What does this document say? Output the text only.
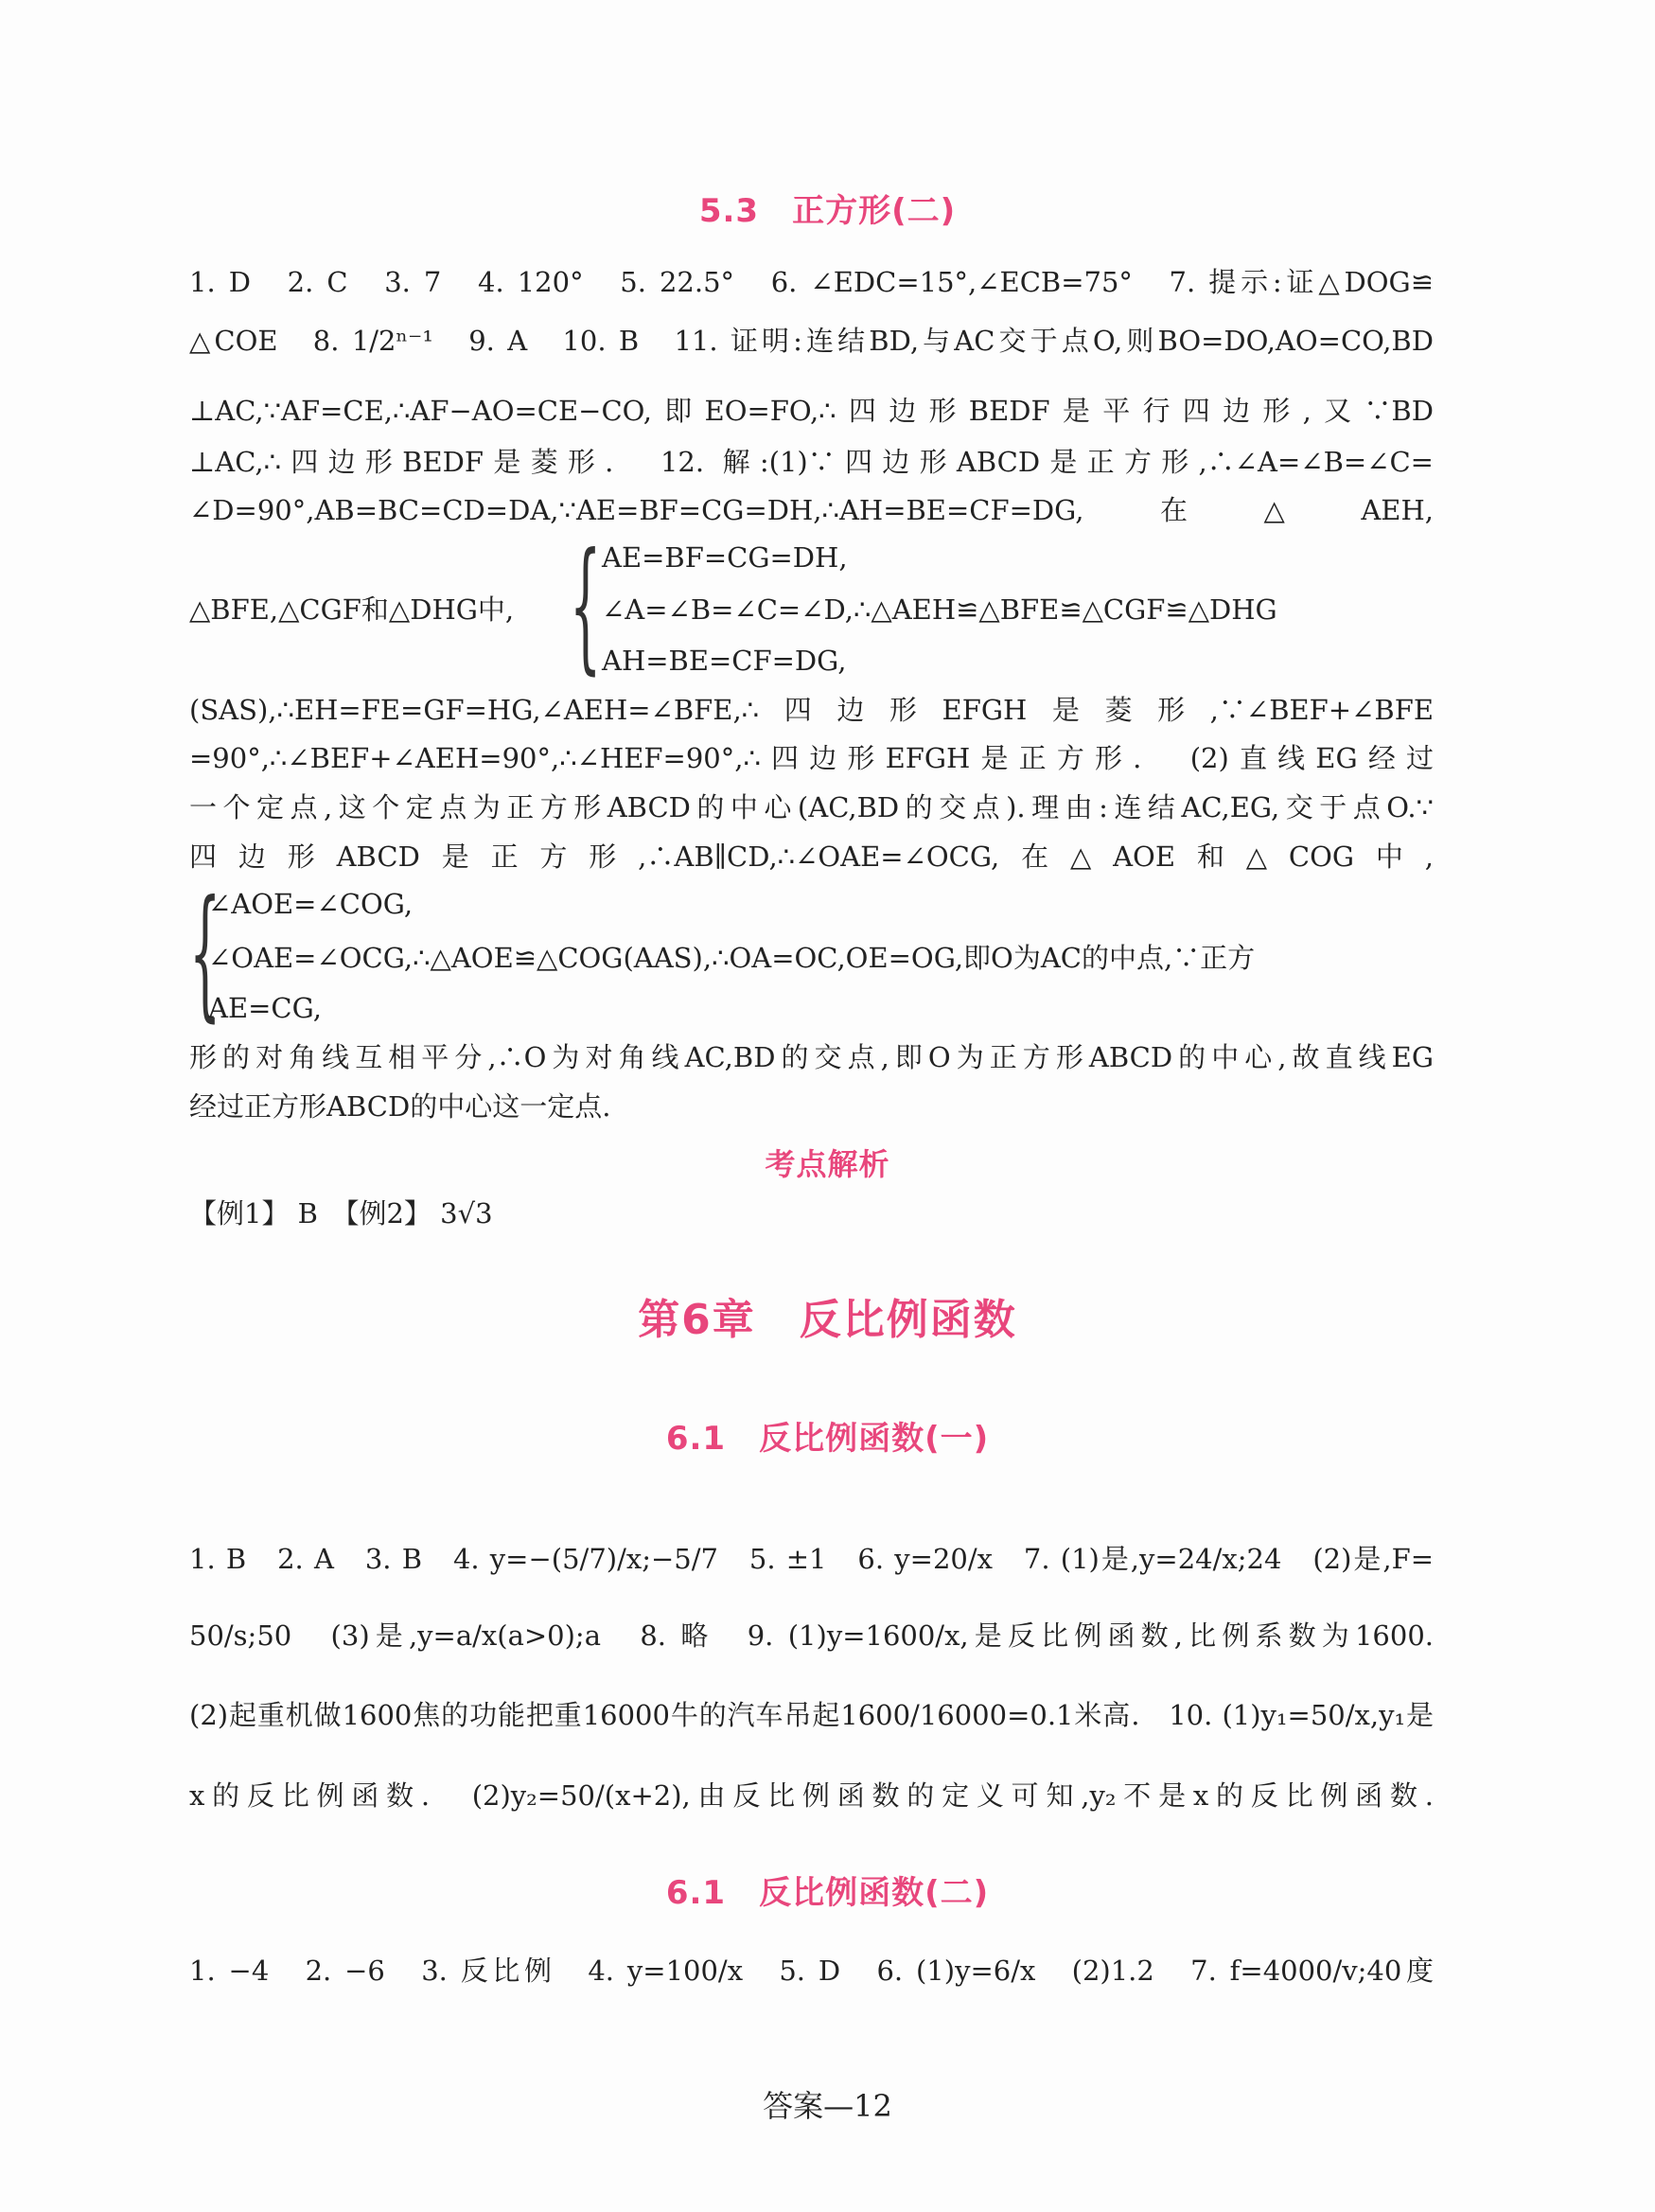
5.3　正方形(二)
1. D　2. C　3. 7　4. 120°　5. 22.5°　6. ∠EDC=15°,∠ECB=75°　7. 提示:证△DOG≌
△COE　8. 1/2ⁿ⁻¹　9. A　10. B　11. 证明:连结BD,与AC交于点O,则BO=DO,AO=CO,BD
⊥AC,∵AF=CE,∴AF−AO=CE−CO,即EO=FO,∴四边形BEDF是平行四边形,又∵BD
⊥AC,∴四边形BEDF是菱形.　12. 解:(1)∵四边形ABCD是正方形,∴∠A=∠B=∠C=
∠D=90°,AB=BC=CD=DA,∵AE=BF=CG=DH,∴AH=BE=CF=DG,在△AEH,
△BFE,△CGF和△DHG中, { AE=BF=CG=DH,
∠A=∠B=∠C=∠D,∴△AEH≌△BFE≌△CGF≌△DHG
AH=BE=CF=DG,
(SAS),∴EH=FE=GF=HG,∠AEH=∠BFE,∴四边形EFGH是菱形,∵∠BEF+∠BFE
=90°,∴∠BEF+∠AEH=90°,∴∠HEF=90°,∴四边形EFGH是正方形.　(2)直线EG经过
一个定点,这个定点为正方形ABCD的中心(AC,BD的交点).理由:连结AC,EG,交于点O.∵
四边形ABCD是正方形,∴AB∥CD,∴∠OAE=∠OCG,在△AOE和△COG中,
{
∠AOE=∠COG,
∠OAE=∠OCG,∴△AOE≌△COG(AAS),∴OA=OC,OE=OG,即O为AC的中点,∵正方
AE=CG,
形的对角线互相平分,∴O为对角线AC,BD的交点,即O为正方形ABCD的中心,故直线EG
经过正方形ABCD的中心这一定点.
考点解析
【例1】 B　【例2】 3√3
第6章　反比例函数
6.1　反比例函数(一)
1. B　2. A　3. B　4. y=−(5/7)/x;−5/7　5. ±1　6. y=20/x　7. (1)是,y=24/x;24　(2)是,F=
50/s;50　(3)是,y=a/x(a>0);a　8. 略　9. (1)y=1600/x,是反比例函数,比例系数为1600.
(2)起重机做1600焦的功能把重16000牛的汽车吊起1600/16000=0.1米高.　10. (1)y₁=50/x,y₁是
x的反比例函数.　(2)y₂=50/(x+2),由反比例函数的定义可知,y₂不是x的反比例函数.
6.1　反比例函数(二)
1. −4　2. −6　3. 反比例　4. y=100/x　5. D　6. (1)y=6/x　(2)1.2　7. f=4000/v;40度
答案—12
